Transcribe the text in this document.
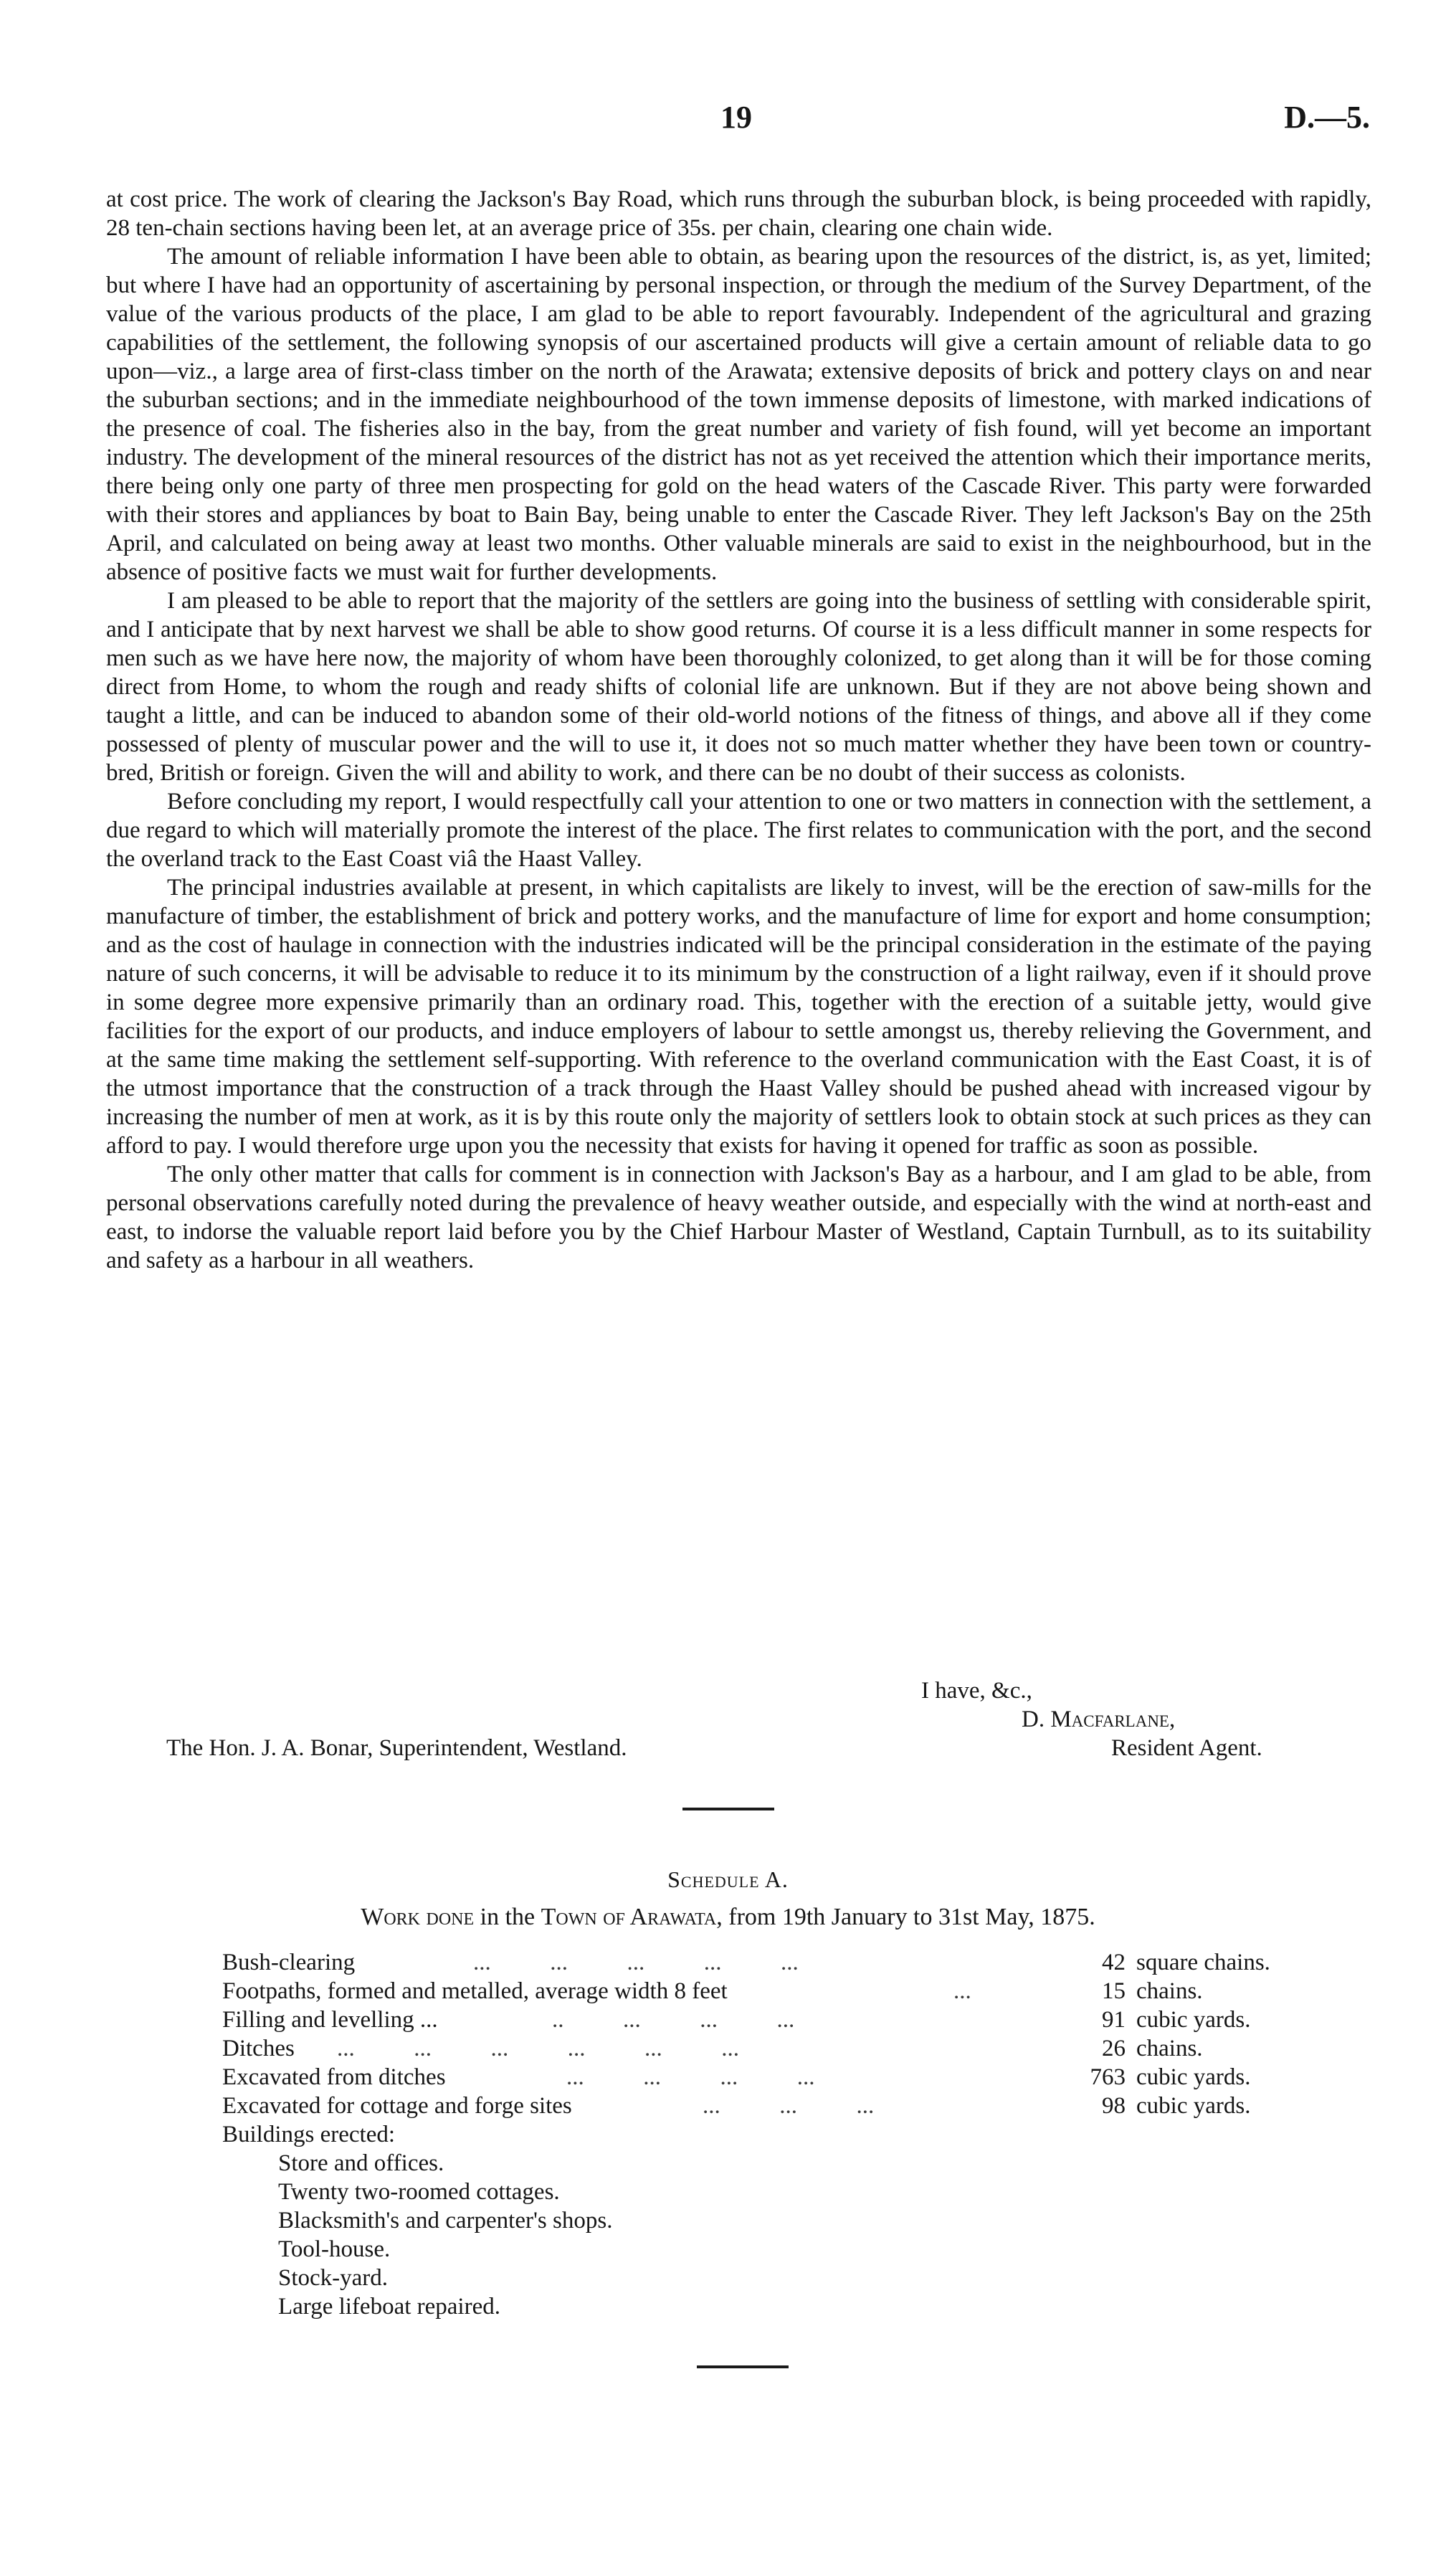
19	D.—5.

at cost price. The work of clearing the Jackson's Bay Road, which runs through the suburban block, is being proceeded with rapidly, 28 ten-chain sections having been let, at an average price of 35s. per chain, clearing one chain wide.

The amount of reliable information I have been able to obtain, as bearing upon the resources of the district, is, as yet, limited; but where I have had an opportunity of ascertaining by personal inspection, or through the medium of the Survey Department, of the value of the various products of the place, I am glad to be able to report favourably. Independent of the agricultural and grazing capabilities of the settlement, the following synopsis of our ascertained products will give a certain amount of reliable data to go upon—viz., a large area of first-class timber on the north of the Arawata; extensive deposits of brick and pottery clays on and near the suburban sections; and in the immediate neighbourhood of the town immense deposits of limestone, with marked indications of the presence of coal. The fisheries also in the bay, from the great number and variety of fish found, will yet become an important industry. The development of the mineral resources of the district has not as yet received the attention which their importance merits, there being only one party of three men prospecting for gold on the head waters of the Cascade River. This party were forwarded with their stores and appliances by boat to Bain Bay, being unable to enter the Cascade River. They left Jackson's Bay on the 25th April, and calculated on being away at least two months. Other valuable minerals are said to exist in the neighbourhood, but in the absence of positive facts we must wait for further developments.

I am pleased to be able to report that the majority of the settlers are going into the business of settling with considerable spirit, and I anticipate that by next harvest we shall be able to show good returns. Of course it is a less difficult manner in some respects for men such as we have here now, the majority of whom have been thoroughly colonized, to get along than it will be for those coming direct from Home, to whom the rough and ready shifts of colonial life are unknown. But if they are not above being shown and taught a little, and can be induced to abandon some of their old-world notions of the fitness of things, and above all if they come possessed of plenty of muscular power and the will to use it, it does not so much matter whether they have been town or country-bred, British or foreign. Given the will and ability to work, and there can be no doubt of their success as colonists.

Before concluding my report, I would respectfully call your attention to one or two matters in connection with the settlement, a due regard to which will materially promote the interest of the place. The first relates to communication with the port, and the second the overland track to the East Coast viâ the Haast Valley.

The principal industries available at present, in which capitalists are likely to invest, will be the erection of saw-mills for the manufacture of timber, the establishment of brick and pottery works, and the manufacture of lime for export and home consumption; and as the cost of haulage in connection with the industries indicated will be the principal consideration in the estimate of the paying nature of such concerns, it will be advisable to reduce it to its minimum by the construction of a light railway, even if it should prove in some degree more expensive primarily than an ordinary road. This, together with the erection of a suitable jetty, would give facilities for the export of our products, and induce employers of labour to settle amongst us, thereby relieving the Government, and at the same time making the settlement self-supporting. With reference to the overland communication with the East Coast, it is of the utmost importance that the construction of a track through the Haast Valley should be pushed ahead with increased vigour by increasing the number of men at work, as it is by this route only the majority of settlers look to obtain stock at such prices as they can afford to pay. I would therefore urge upon you the necessity that exists for having it opened for traffic as soon as possible.

The only other matter that calls for comment is in connection with Jackson's Bay as a harbour, and I am glad to be able, from personal observations carefully noted during the prevalence of heavy weather outside, and especially with the wind at north-east and east, to indorse the valuable report laid before you by the Chief Harbour Master of Westland, Captain Turnbull, as to its suitability and safety as a harbour in all weathers.

I have, &c.,
D. Macfarlane,
The Hon. J. A. Bonar, Superintendent, Westland.	Resident Agent.
Schedule A.
Work done in the Town of Arawata, from 19th January to 31st May, 1875.
Bush-clearing	...          ...          ...          ...          ...	42 square chains.
Footpaths, formed and metalled, average width 8 feet	...	15 chains.
Filling and levelling ...	..          ...          ...          ...	91 cubic yards.
Ditches ...          ...          ...          ...          ...          ...	26 chains.
Excavated from ditches	...          ...          ...          ...	763 cubic yards.
Excavated for cottage and forge sites	...          ...          ...	98 cubic yards.
Buildings erected:
Store and offices.
Twenty two-roomed cottages.
Blacksmith's and carpenter's shops.
Tool-house.
Stock-yard.
Large lifeboat repaired.
